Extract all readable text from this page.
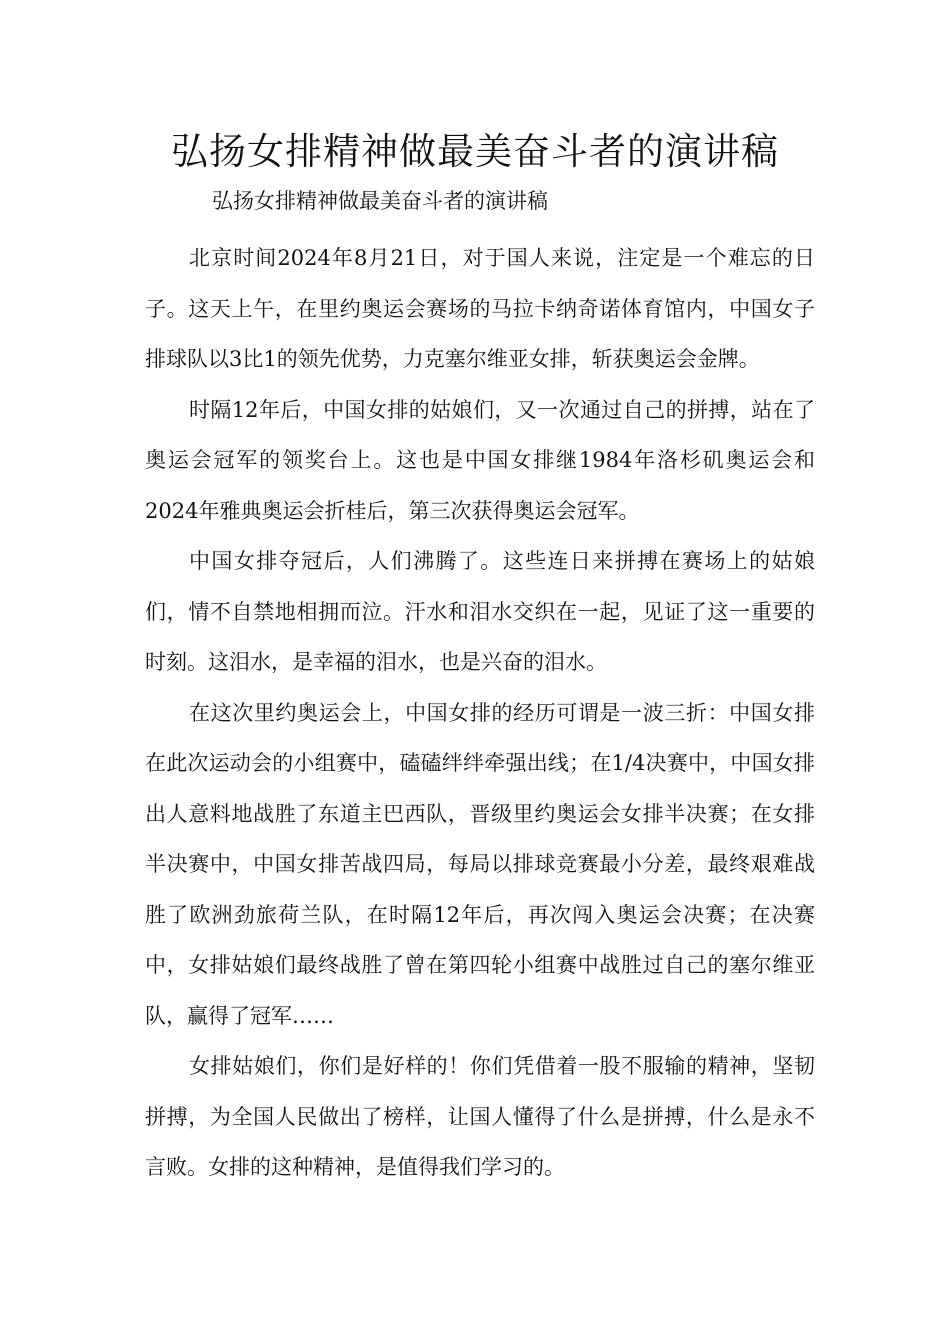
弘扬女排精神做最美奋斗者的演讲稿

弘扬女排精神做最美奋斗者的演讲稿

北京时间2024年8月21日，对于国人来说，注定是一个难忘的日子。这天上午，在里约奥运会赛场的马拉卡纳奇诺体育馆内，中国女子排球队以3比1的领先优势，力克塞尔维亚女排，斩获奥运会金牌。

时隔12年后，中国女排的姑娘们，又一次通过自己的拼搏，站在了奥运会冠军的领奖台上。这也是中国女排继1984年洛杉矶奥运会和2024年雅典奥运会折桂后，第三次获得奥运会冠军。

中国女排夺冠后，人们沸腾了。这些连日来拼搏在赛场上的姑娘们，情不自禁地相拥而泣。汗水和泪水交织在一起，见证了这一重要的时刻。这泪水，是幸福的泪水，也是兴奋的泪水。

在这次里约奥运会上，中国女排的经历可谓是一波三折：中国女排在此次运动会的小组赛中，磕磕绊绊牵强出线；在1/4决赛中，中国女排出人意料地战胜了东道主巴西队，晋级里约奥运会女排半决赛；在女排半决赛中，中国女排苦战四局，每局以排球竞赛最小分差，最终艰难战胜了欧洲劲旅荷兰队，在时隔12年后，再次闯入奥运会决赛；在决赛中，女排姑娘们最终战胜了曾在第四轮小组赛中战胜过自己的塞尔维亚队，赢得了冠军……

女排姑娘们，你们是好样的！你们凭借着一股不服输的精神，坚韧拼搏，为全国人民做出了榜样，让国人懂得了什么是拼搏，什么是永不言败。女排的这种精神，是值得我们学习的。
